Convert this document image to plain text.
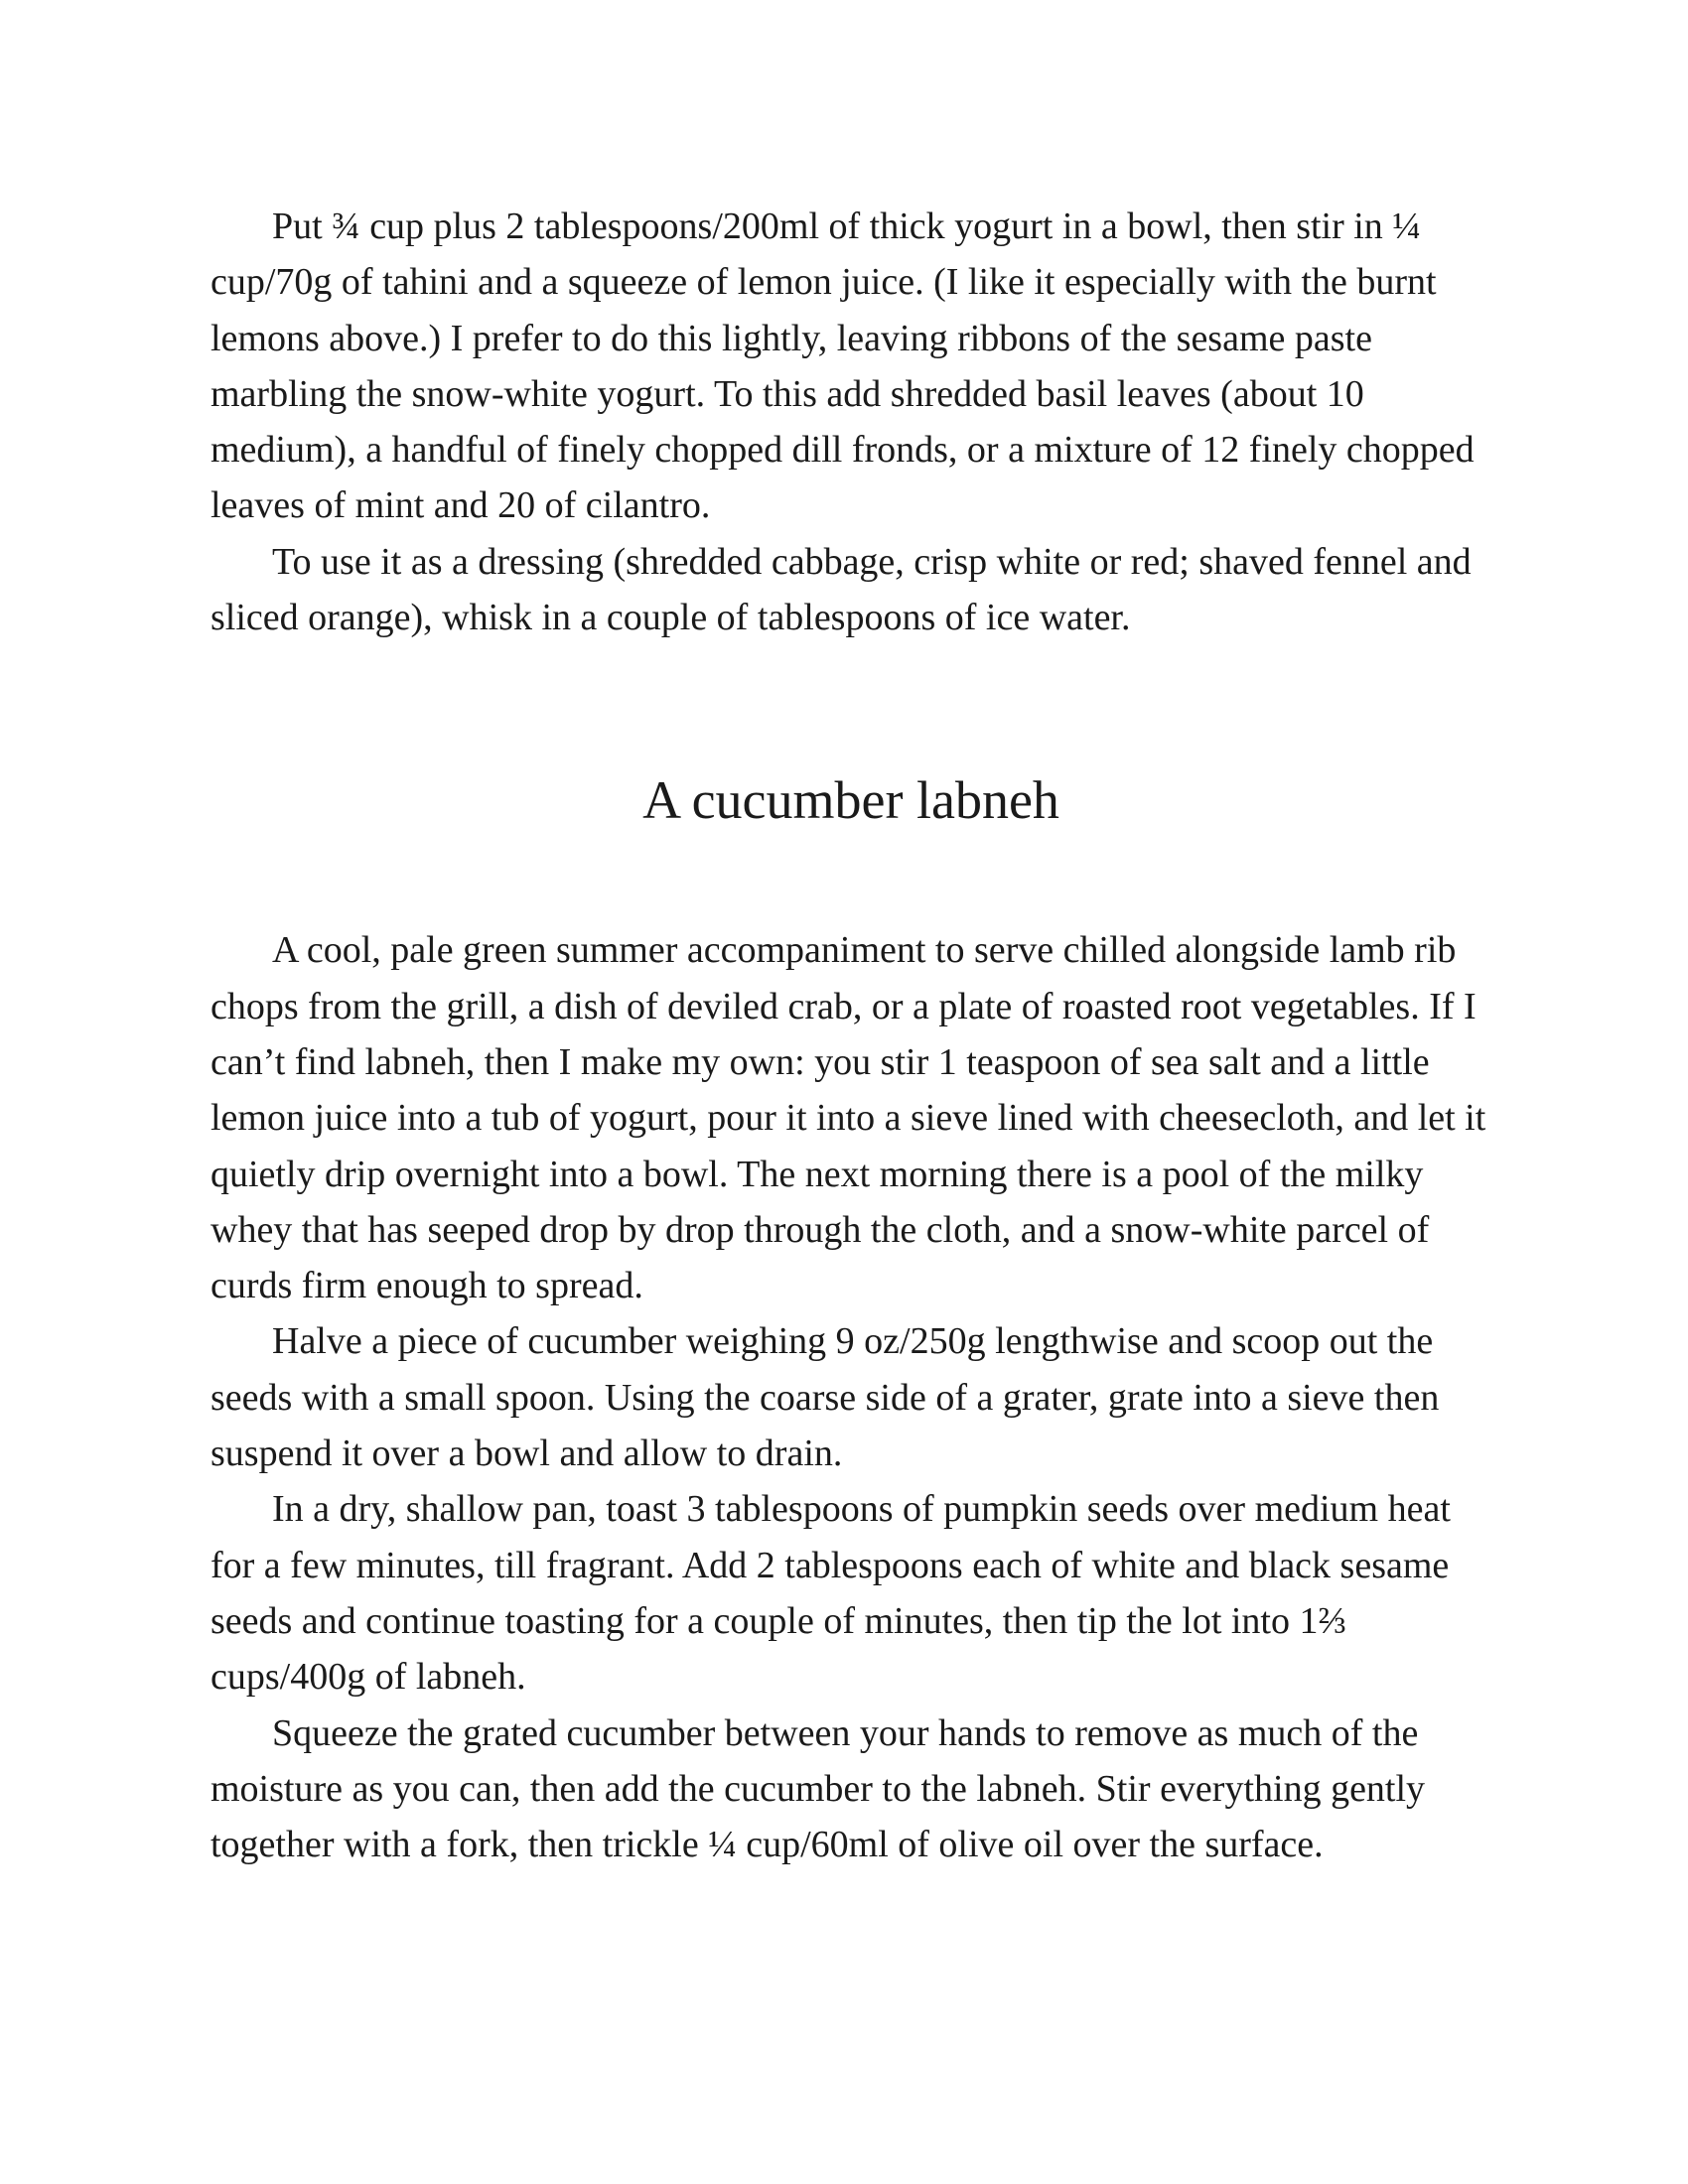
Put ¾ cup plus 2 tablespoons/200ml of thick yogurt in a bowl, then stir in ¼ cup/70g of tahini and a squeeze of lemon juice. (I like it especially with the burnt lemons above.) I prefer to do this lightly, leaving ribbons of the sesame paste marbling the snow-white yogurt. To this add shredded basil leaves (about 10 medium), a handful of finely chopped dill fronds, or a mixture of 12 finely chopped leaves of mint and 20 of cilantro.

To use it as a dressing (shredded cabbage, crisp white or red; shaved fennel and sliced orange), whisk in a couple of tablespoons of ice water.

A cucumber labneh

A cool, pale green summer accompaniment to serve chilled alongside lamb rib chops from the grill, a dish of deviled crab, or a plate of roasted root vegetables. If I can’t find labneh, then I make my own: you stir 1 teaspoon of sea salt and a little lemon juice into a tub of yogurt, pour it into a sieve lined with cheesecloth, and let it quietly drip overnight into a bowl. The next morning there is a pool of the milky whey that has seeped drop by drop through the cloth, and a snow-white parcel of curds firm enough to spread.

Halve a piece of cucumber weighing 9 oz/250g lengthwise and scoop out the seeds with a small spoon. Using the coarse side of a grater, grate into a sieve then suspend it over a bowl and allow to drain.

In a dry, shallow pan, toast 3 tablespoons of pumpkin seeds over medium heat for a few minutes, till fragrant. Add 2 tablespoons each of white and black sesame seeds and continue toasting for a couple of minutes, then tip the lot into 1⅔ cups/400g of labneh.

Squeeze the grated cucumber between your hands to remove as much of the moisture as you can, then add the cucumber to the labneh. Stir everything gently together with a fork, then trickle ¼ cup/60ml of olive oil over the surface.
